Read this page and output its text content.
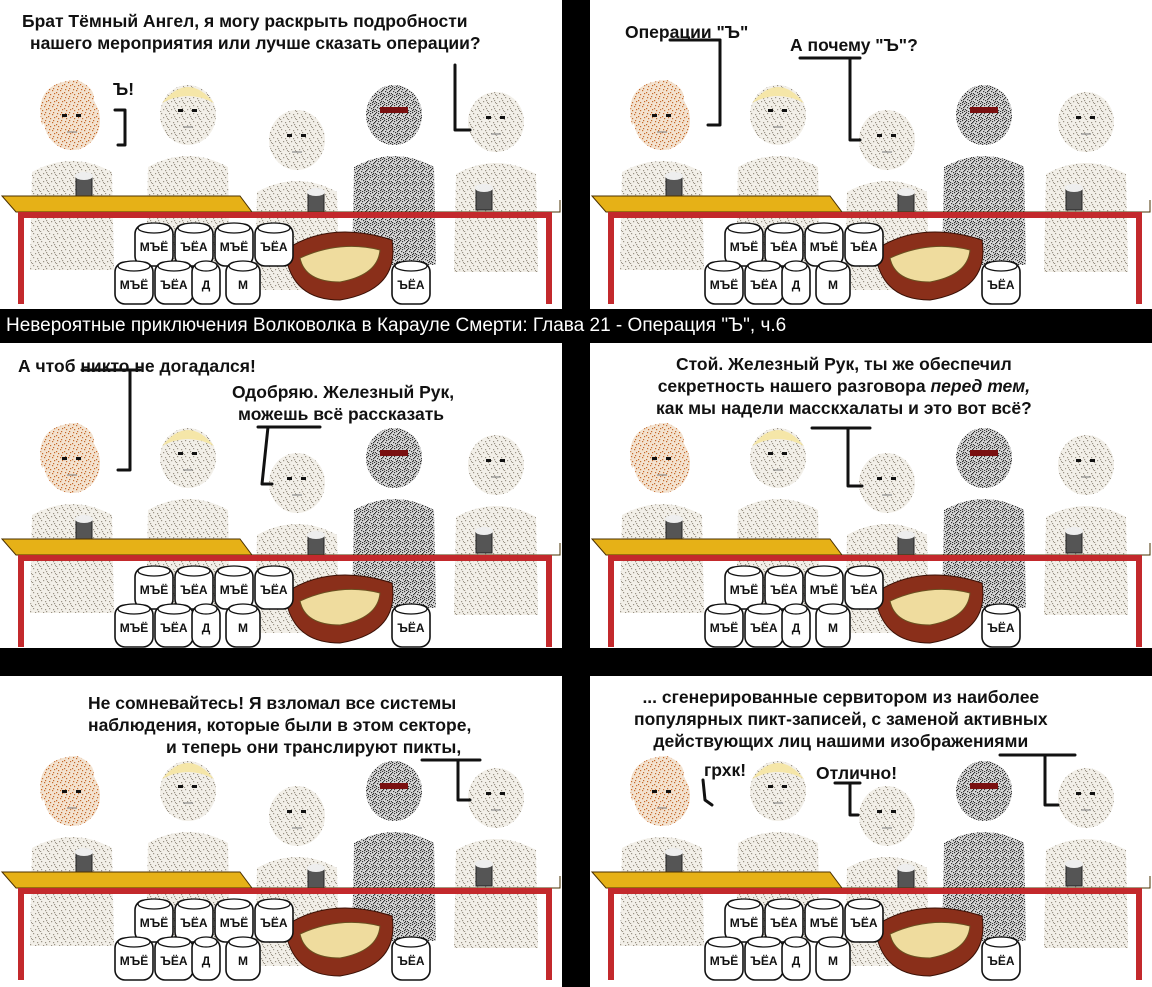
МЪЁ ЪЁА МЪЁ ЪЁА
МЪЁ ЪЁА Д М	ЪЁА
Брат Тёмный Ангел, я могу раскрыть подробности
нашего мероприятия или лучше сказать операции?
Ъ!
МЪЁ ЪЁА МЪЁ ЪЁА
МЪЁ ЪЁА Д М	ЪЁА
Операции "Ъ"
А почему "Ъ"?
МЪЁ ЪЁА МЪЁ ЪЁА
МЪЁ ЪЁА Д М	ЪЁА
А чтоб никто не догадался!
Одобряю. Железный Рук,
можешь всё рассказать
МЪЁ ЪЁА МЪЁ ЪЁА
МЪЁ ЪЁА Д М	ЪЁА
Стой. Железный Рук, ты же обеспечил
секретность нашего разговора перед тем,
как мы надели масскхалаты и это вот всё?
МЪЁ ЪЁА МЪЁ ЪЁА
МЪЁ ЪЁА Д М	ЪЁА
Не сомневайтесь! Я взломал все системы
наблюдения, которые были в этом секторе,
и теперь они транслируют пикты,
МЪЁ ЪЁА МЪЁ ЪЁА
МЪЁ ЪЁА Д М	ЪЁА
... сгенерированные сервитором из наиболее
популярных пикт-записей, с заменой активных
действующих лиц нашими изображениями
грхк!	Отлично!
Невероятные приключения Волковолка в Карауле Смерти: Глава 21 - Операция "Ъ", ч.6
